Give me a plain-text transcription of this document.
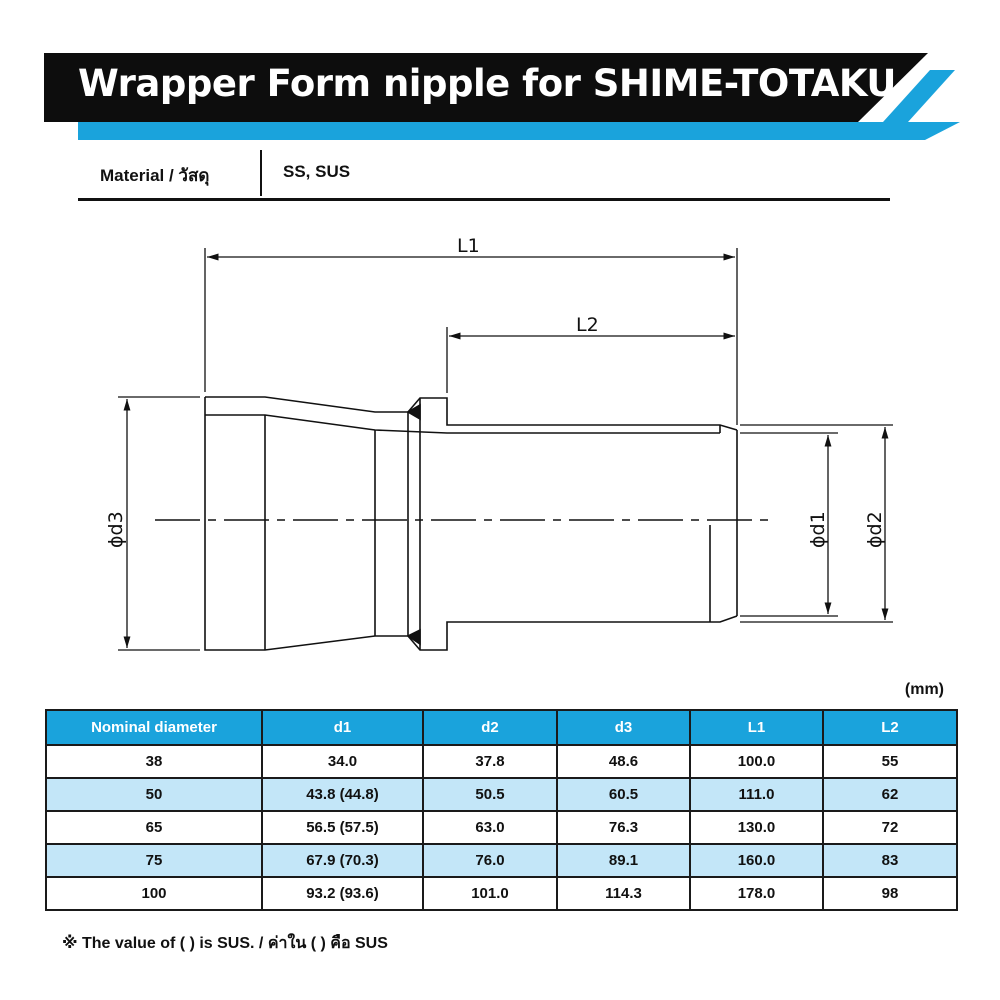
Wrapper Form nipple for SHIME-TOTAKU
Material / วัสดุ	SS, SUS
L1
L2
ϕd3	ϕd1 ϕd2
(mm)
Nominal diameter	d1	d2	d3	L1	L2
38	34.0	37.8	48.6	100.0	55
50	43.8 (44.8)	50.5	60.5	111.0	62
65	56.5 (57.5)	63.0	76.3	130.0	72
75	67.9 (70.3)	76.0	89.1	160.0	83
100	93.2 (93.6)	101.0	114.3	178.0	98
※ The value of ( ) is SUS. / ค่าใน ( ) คือ SUS
